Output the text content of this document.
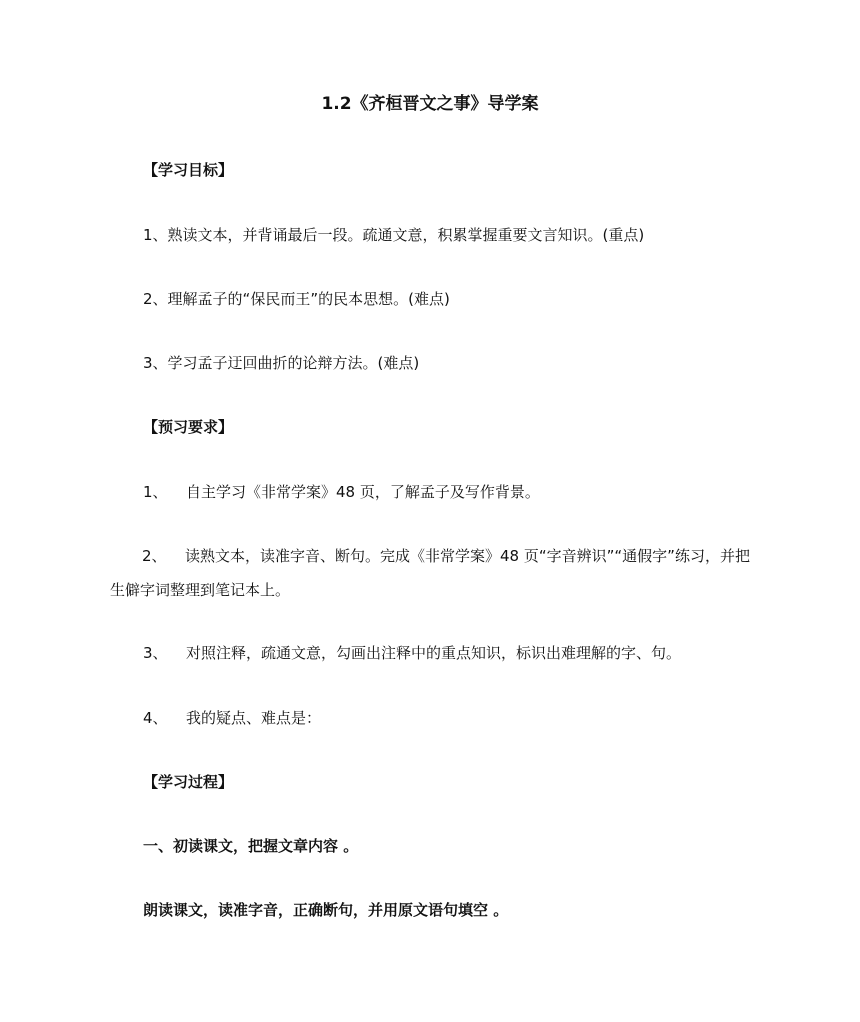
1.2《齐桓晋文之事》导学案
【学习目标】
1、熟读文本，并背诵最后一段。疏通文意，积累掌握重要文言知识。(重点)
2、理解孟子的“保民而王”的民本思想。(难点)
3、学习孟子迂回曲折的论辩方法。(难点)
【预习要求】
1、 自主学习《非常学案》48 页，了解孟子及写作背景。
2、 读熟文本，读准字音、断句。完成《非常学案》48 页“字音辨识”“通假字”练习，并把生僻字词整理到笔记本上。
3、 对照注释，疏通文意，勾画出注释中的重点知识，标识出难理解的字、句。
4、 我的疑点、难点是：
【学习过程】
一、初读课文，把握文章内容 。
朗读课文，读准字音，正确断句，并用原文语句填空 。
